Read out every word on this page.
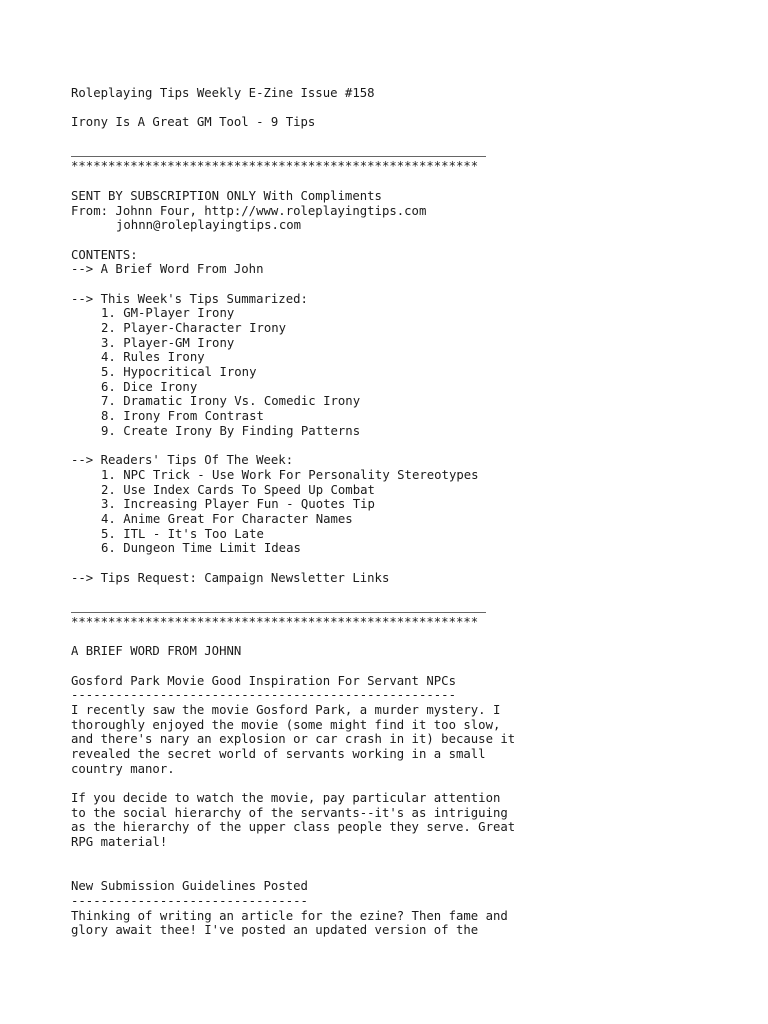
Roleplaying Tips Weekly E-Zine Issue #158
Irony Is A Great GM Tool - 9 Tips
*******************************************************
SENT BY SUBSCRIPTION ONLY With Compliments
From: Johnn Four, http://www.roleplayingtips.com
johnn@roleplayingtips.com
CONTENTS:
--> A Brief Word From John
--> This Week's Tips Summarized:
1. GM-Player Irony
2. Player-Character Irony
3. Player-GM Irony
4. Rules Irony
5. Hypocritical Irony
6. Dice Irony
7. Dramatic Irony Vs. Comedic Irony
8. Irony From Contrast
9. Create Irony By Finding Patterns
--> Readers' Tips Of The Week:
1. NPC Trick - Use Work For Personality Stereotypes
2. Use Index Cards To Speed Up Combat
3. Increasing Player Fun - Quotes Tip
4. Anime Great For Character Names
5. ITL - It's Too Late
6. Dungeon Time Limit Ideas
--> Tips Request: Campaign Newsletter Links
*******************************************************
A BRIEF WORD FROM JOHNN
Gosford Park Movie Good Inspiration For Servant NPCs
----------------------------------------------------
I recently saw the movie Gosford Park, a murder mystery. I
thoroughly enjoyed the movie (some might find it too slow,
and there's nary an explosion or car crash in it) because it
revealed the secret world of servants working in a small
country manor.
If you decide to watch the movie, pay particular attention
to the social hierarchy of the servants--it's as intriguing
as the hierarchy of the upper class people they serve. Great
RPG material!
New Submission Guidelines Posted
--------------------------------
Thinking of writing an article for the ezine? Then fame and
glory await thee! I've posted an updated version of the
